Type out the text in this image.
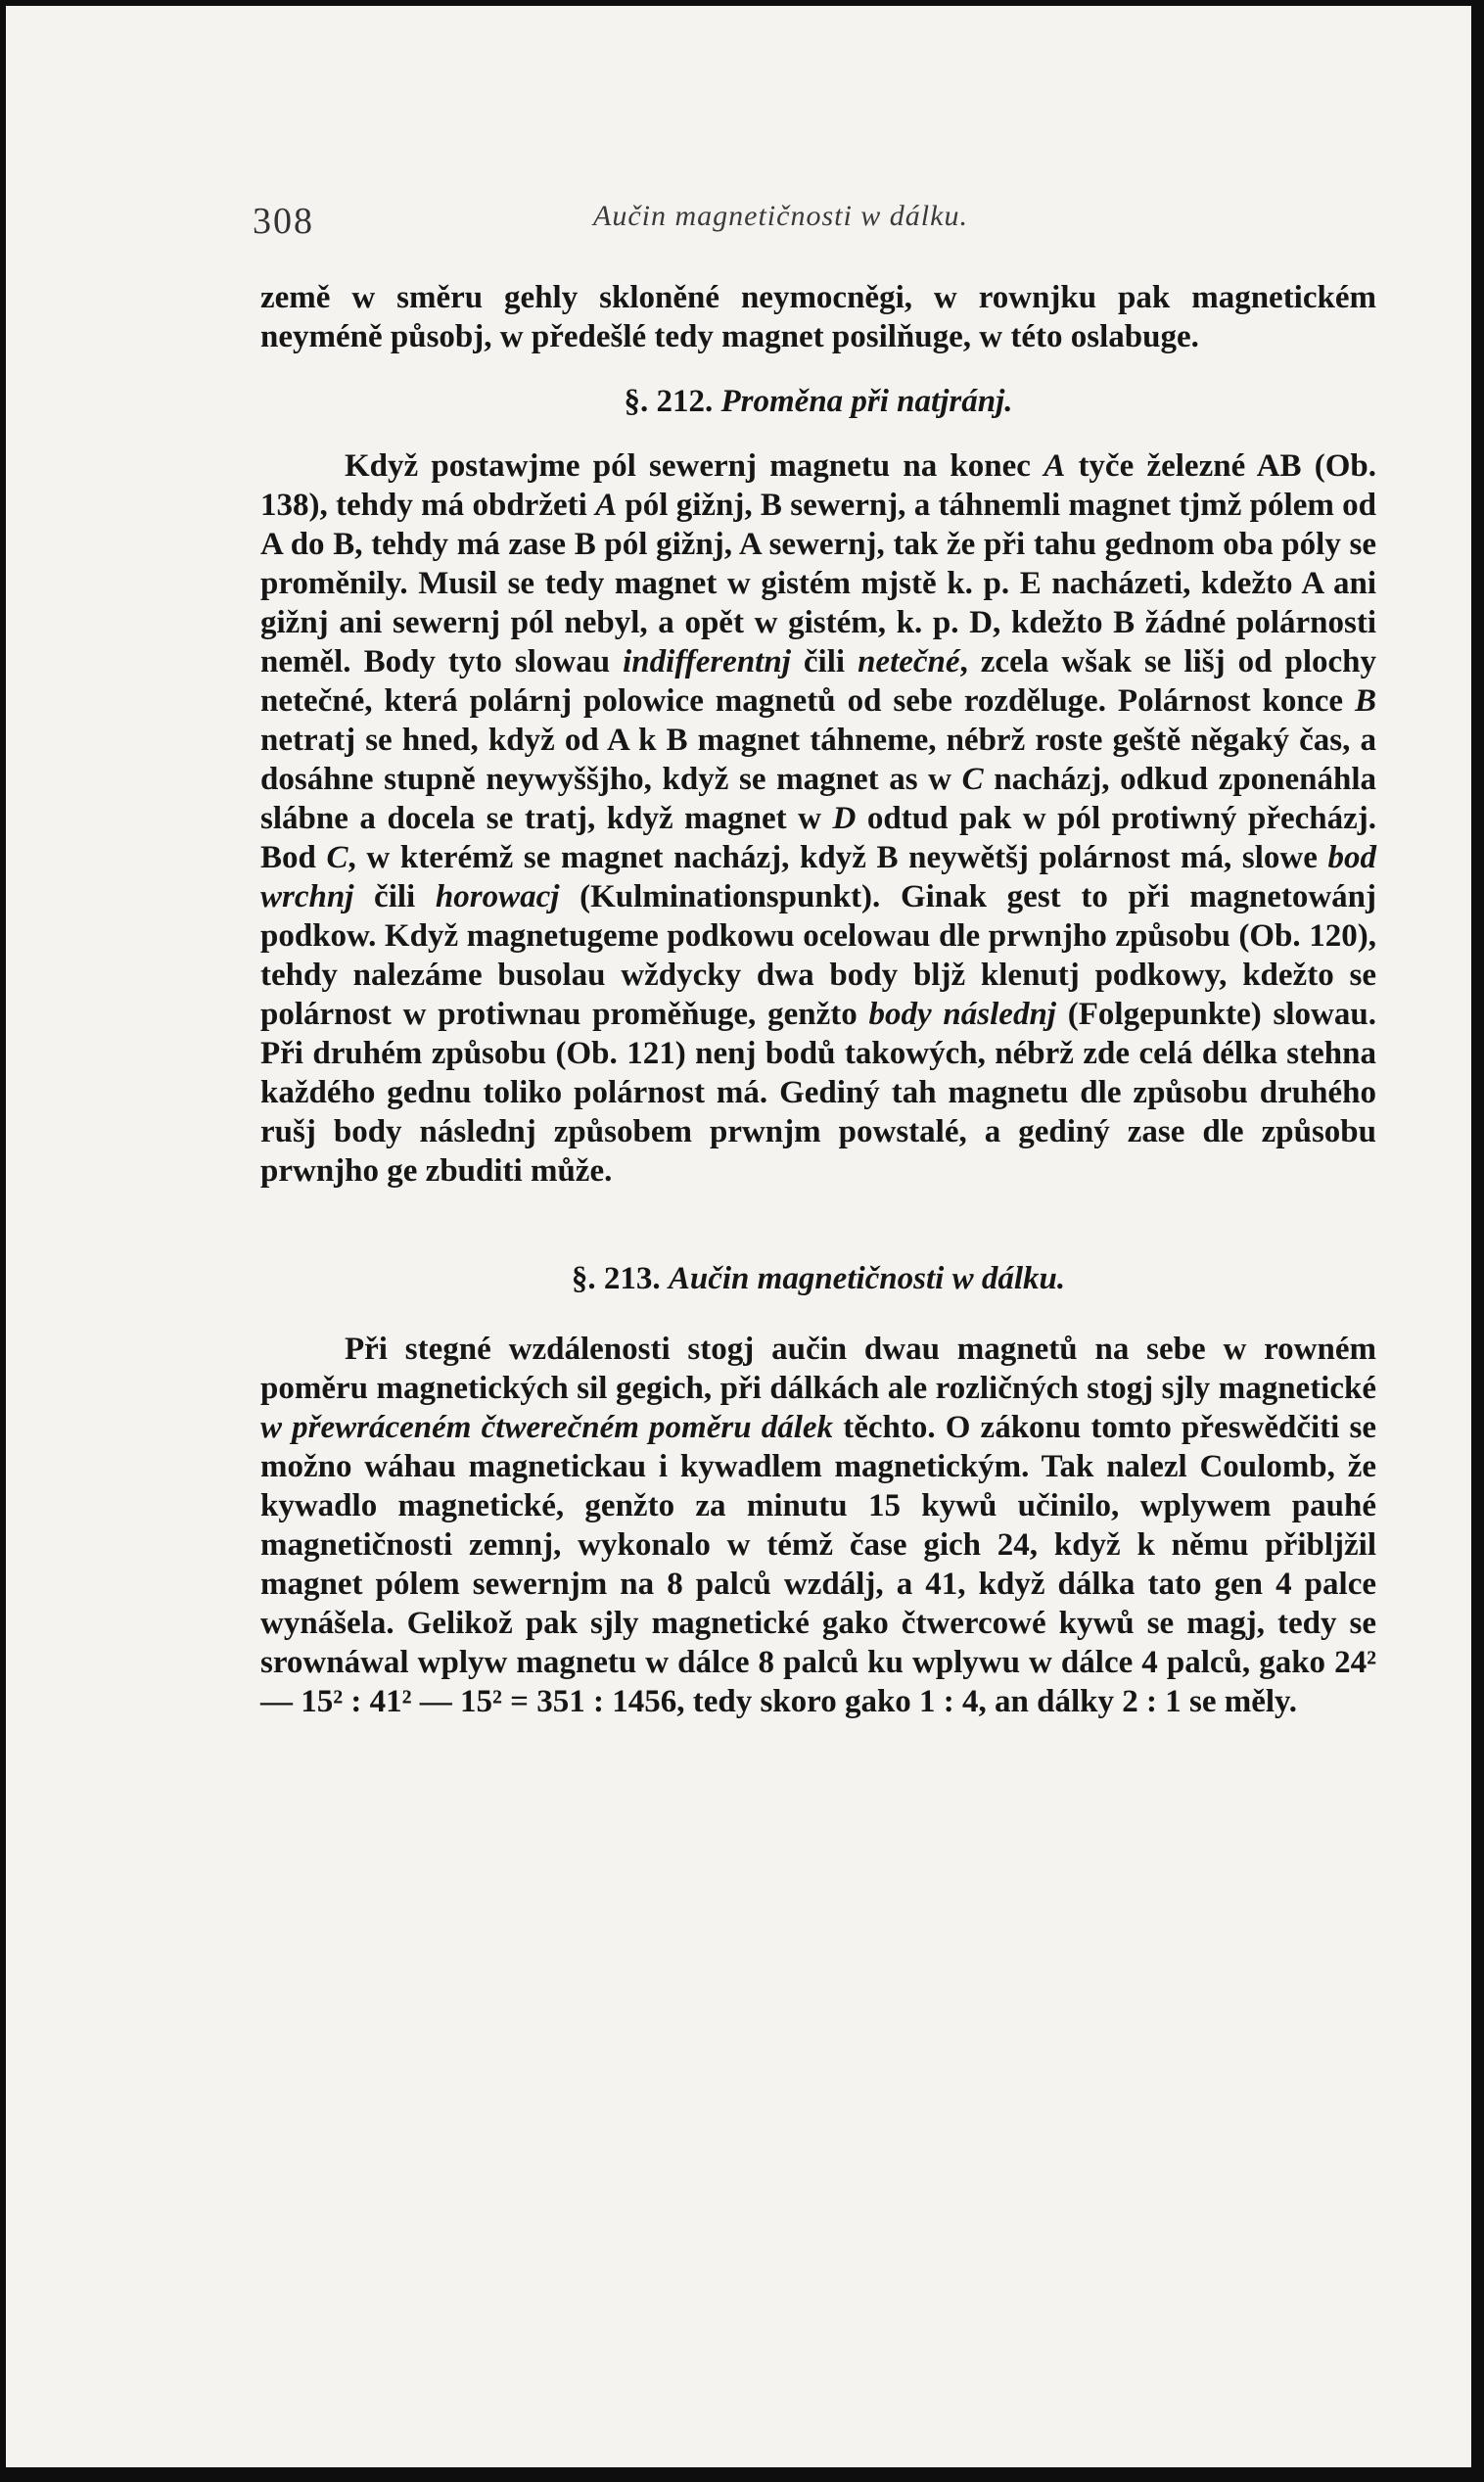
308	Aučin magnetičnosti w dálku.

země w směru gehly skloněné neymocněgi, w rownjku pak magnetickém neyméně působj, w předešlé tedy magnet posilňuge, w této oslabuge.

§. 212. Proměna při natjránj.

Když postawjme pól sewernj magnetu na konec A tyče železné AB (Ob. 138), tehdy má obdržeti A pól gižnj, B sewernj, a táhnemli magnet tjmž pólem od A do B, tehdy má zase B pól gižnj, A sewernj, tak že při tahu gednom oba póly se proměnily. Musil se tedy magnet w gistém mjstě k. p. E nacházeti, kdežto A ani gižnj ani sewernj pól nebyl, a opět w gistém, k. p. D, kdežto B žádné polárnosti neměl. Body tyto slowau indifferentnj čili netečné, zcela wšak se lišj od plochy netečné, která polárnj polowice magnetů od sebe rozděluge. Polárnost konce B netratj se hned, když od A k B magnet táhneme, nébrž roste geště něgaký čas, a dosáhne stupně neywyššjho, když se magnet as w C nacházj, odkud zponenáhla slábne a docela se tratj, když magnet w D odtud pak w pól protiwný přecházj. Bod C, w kterémž se magnet nacházj, když B neywětšj polárnost má, slowe bod wrchnj čili horowacj (Kulminationspunkt). Ginak gest to při magnetowánj podkow. Když magnetugeme podkowu ocelowau dle prwnjho způsobu (Ob. 120), tehdy nalezáme busolau wždycky dwa body bljž klenutj podkowy, kdežto se polárnost w protiwnau proměňuge, genžto body následnj (Folgepunkte) slowau. Při druhém způsobu (Ob. 121) nenj bodů takowých, nébrž zde celá délka stehna každého gednu toliko polárnost má. Gediný tah magnetu dle způsobu druhého rušj body následnj způsobem prwnjm powstalé, a gediný zase dle způsobu prwnjho ge zbuditi může.

§. 213. Aučin magnetičnosti w dálku.

Při stegné wzdálenosti stogj aučin dwau magnetů na sebe w rowném poměru magnetických sil gegich, při dálkách ale rozličných stogj sjly magnetické w přewráceném čtwerečném poměru dálek těchto. O zákonu tomto přeswědčiti se možno wáhau magnetickau i kywadlem magnetickým. Tak nalezl Coulomb, že kywadlo magnetické, genžto za minutu 15 kywů učinilo, wplywem pauhé magnetičnosti zemnj, wykonalo w témž čase gich 24, když k němu přibljžil magnet pólem sewernjm na 8 palců wzdálj, a 41, když dálka tato gen 4 palce wynášela. Gelikož pak sjly magnetické gako čtwercowé kywů se magj, tedy se srownáwal wplyw magnetu w dálce 8 palců ku wplywu w dálce 4 palců, gako 24² — 15² : 41² — 15² = 351 : 1456, tedy skoro gako 1 : 4, an dálky 2 : 1 se měly.
